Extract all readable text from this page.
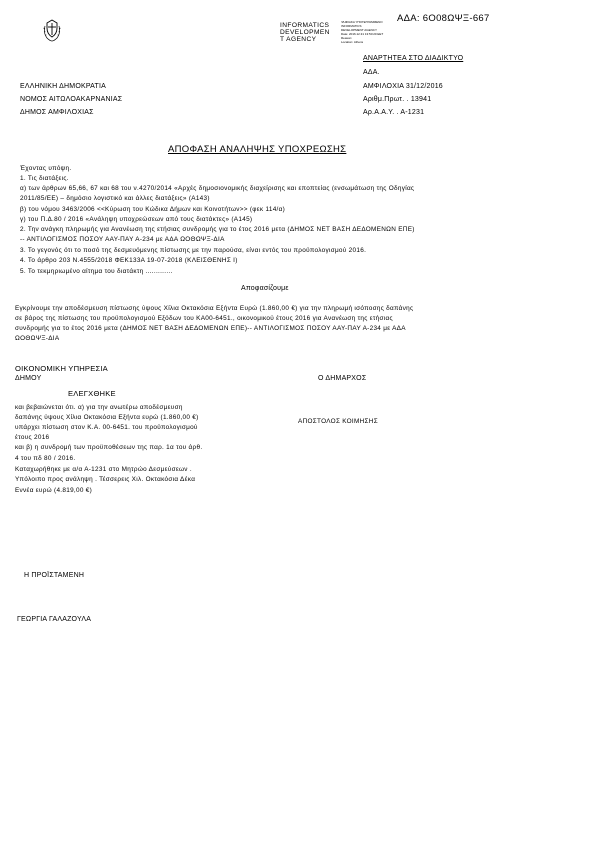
ΑΔΑ: 6Ο08ΩΨΞ-667
INFORMATICS
DEVELOPMEN
T AGENCY
ΨΗΦΙΑΚΑ ΥΠΟΓΕΓΡΑΜΜΕΝΟ
INFORMATICS
DEVELOPMENT AGENCY
Date: 2016.12.31 13:50:20 EET
Reason:
Location: Athens
ΑΝΑΡΤΗΤΕΑ ΣΤΟ ΔΙΑΔΙΚΤΥΟ
ΕΛΛΗΝΙΚΗ ΔΗΜΟΚΡΑΤΙΑ
ΝΟΜΟΣ ΑΙΤΩΛΟΑΚΑΡΝΑΝΙΑΣ
ΔΗΜΟΣ ΑΜΦΙΛΟΧΙΑΣ
ΑΔΑ.
ΑΜΦΙΛΟΧΙΑ 31/12/2016
Αριθμ.Πρωτ. . 13941
Αρ.Α.Α.Υ. . Α-1231
ΑΠΟΦΑΣΗ ΑΝΑΛΗΨΗΣ ΥΠΟΧΡΕΩΣΗΣ
Έχοντας υπόψη.
1. Τις διατάξεις.
α) των άρθρων 65,66, 67 και 68 του ν.4270/2014 «Αρχές δημοσιονομικής διαχείρισης και εποπτείας (ενσωμάτωση της Οδηγίας
2011/85/ΕΕ) – δημόσιο λογιστικό και άλλες διατάξεις» (Α143)
β) του νόμου 3463/2006 <<Κύρωση του Κώδικα Δήμων και Κοινοτήτων>> (φεκ 114/α)
γ) του Π.Δ.80 / 2016 «Ανάληψη υποχρεώσεων από τους διατάκτες» (Α145)
2. Την ανάγκη πληρωμής για Ανανέωση της ετήσιας συνδρομής για το έτος 2016 μετα (ΔΗΜΟΣ ΝΕΤ ΒΑΣΗ ΔΕΔΟΜΕΝΩΝ ΕΠΕ)
-- ΑΝΤΙΛΟΓΙΣΜΟΣ ΠΟΣΟΥ ΑΑΥ-ΠΑΥ Α-234 με ΑΔΑ ΩΟΘΩΨΞ-ΔΙΑ
3. Το γεγονός ότι το ποσό της δεσμευόμενης πίστωσης με την παρούσα, είναι εντός του προϋπολογισμού 2016.
4. Το άρθρο 203 Ν.4555/2018 ΦΕΚ133Α 19-07-2018 (ΚΛΕΙΣΘΕΝΗΣ Ι)
5. Το τεκμηριωμένο αίτημα του διατάκτη .............
Αποφασίζουμε
Εγκρίνουμε την αποδέσμευση πίστωσης ύψους Χίλια Οκτακόσια Εξήντα Ευρώ (1.860,00 €) για την πληρωμή ισόποσης δαπάνης
σε βάρος της πίστωσης του προϋπολογισμού Εξόδων του ΚΑ00-6451., οικονομικού έτους 2016 για Ανανέωση της ετήσιας
συνδρομής για το έτος 2016 μετα (ΔΗΜΟΣ ΝΕΤ ΒΑΣΗ ΔΕΔΟΜΕΝΩΝ ΕΠΕ)-- ΑΝΤΙΛΟΓΙΣΜΟΣ ΠΟΣΟΥ ΑΑΥ-ΠΑΥ Α-234 με ΑΔΑ
ΩΟΘΩΨΞ-ΔΙΑ
ΟΙΚΟΝΟΜΙΚΗ ΥΠΗΡΕΣΙΑ
ΔΗΜΟΥ
ΕΛΕΓΧΘΗΚΕ
και βεβαιώνεται ότι. α) για την ανωτέρω αποδέσμευση
δαπάνης ύψους Χίλια Οκτακόσια Εξήντα ευρώ (1.860,00 €)
υπάρχει πίστωση στον Κ.Α. 00-6451. του προϋπολογισμού
έτους 2016
και β) η συνδρομή των προϋποθέσεων της παρ. 1α του άρθ.
4 του πδ 80 / 2016.
Καταχωρήθηκε με α/α Α-1231 στο Μητρώο Δεσμεύσεων .
Υπόλοιπο προς ανάληψη . Τέσσερεις Χιλ. Οκτακόσια Δέκα
Εννέα ευρώ (4.819,00 €)
Ο ΔΗΜΑΡΧΟΣ
ΑΠΟΣΤΟΛΟΣ ΚΟΙΜΗΣΗΣ
Η ΠΡΟΪΣΤΑΜΕΝΗ
ΓΕΩΡΓΙΑ ΓΑΛΑΖΟΥΛΑ
